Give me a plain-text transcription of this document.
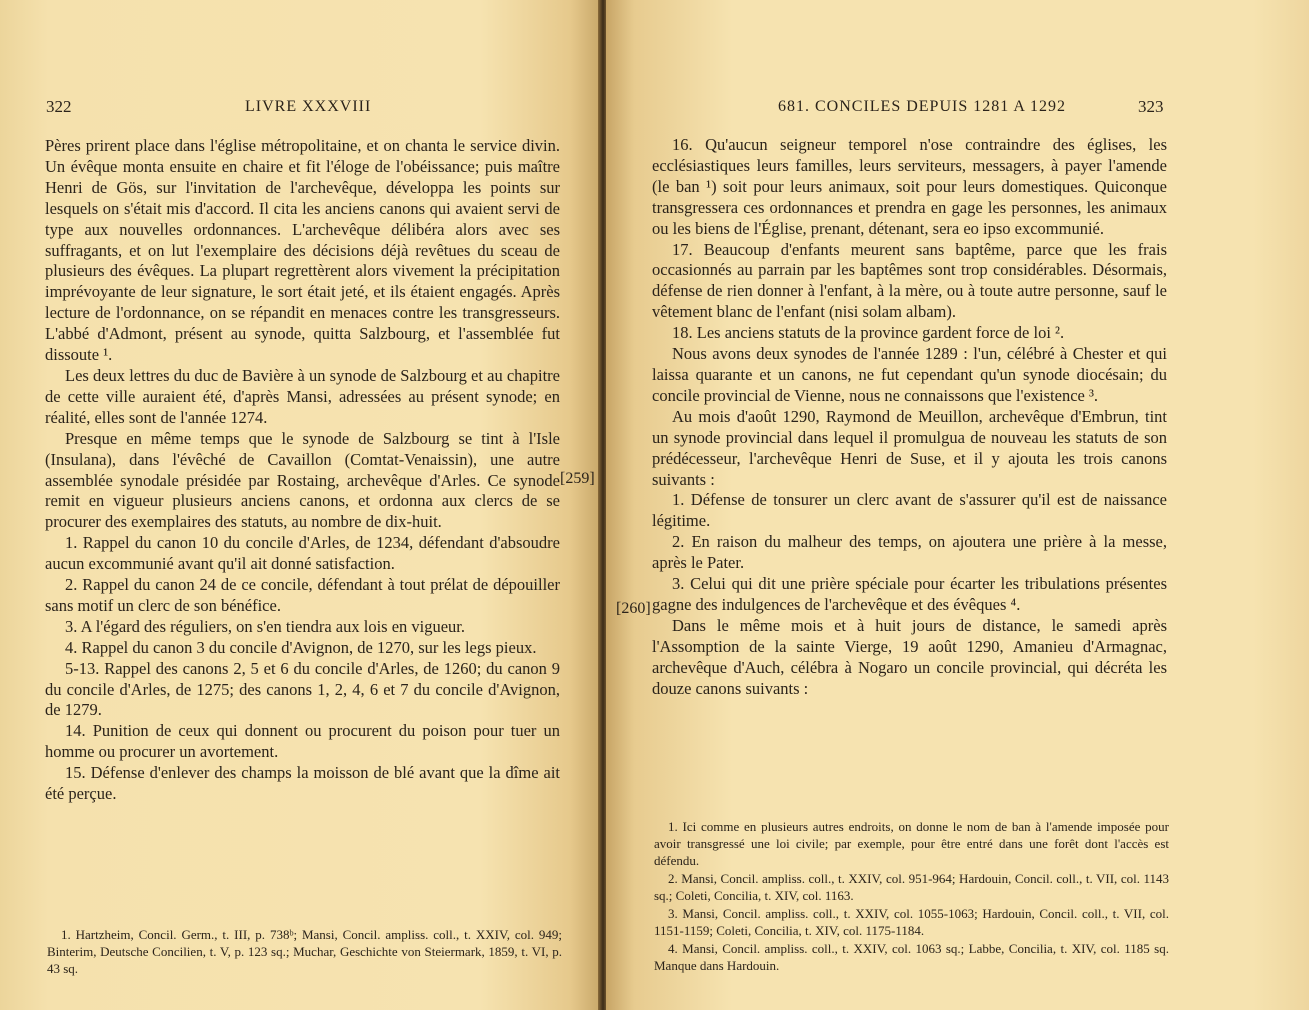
322	LIVRE XXXVIII

Pères prirent place dans l'église métropolitaine, et on chanta le service divin. Un évêque monta ensuite en chaire et fit l'éloge de l'obéissance; puis maître Henri de Gös, sur l'invitation de l'archevêque, développa les points sur lesquels on s'était mis d'accord. Il cita les anciens canons qui avaient servi de type aux nouvelles ordonnances. L'archevêque délibéra alors avec ses suffragants, et on lut l'exemplaire des décisions déjà revêtues du sceau de plusieurs des évêques. La plupart regrettèrent alors vivement la précipitation imprévoyante de leur signature, le sort était jeté, et ils étaient engagés. Après lecture de l'ordonnance, on se répandit en menaces contre les transgresseurs. L'abbé d'Admont, présent au synode, quitta Salzbourg, et l'assemblée fut dissoute ¹.

Les deux lettres du duc de Bavière à un synode de Salzbourg et au chapitre de cette ville auraient été, d'après Mansi, adressées au présent synode; en réalité, elles sont de l'année 1274.

Presque en même temps que le synode de Salzbourg se tint à l'Isle (Insulana), dans l'évêché de Cavaillon (Comtat-Venaissin), une autre assemblée synodale présidée par Rostaing, archevêque d'Arles. Ce synode remit en vigueur plusieurs anciens canons, et ordonna aux clercs de se procurer des exemplaires des statuts, au nombre de dix-huit.

1. Rappel du canon 10 du concile d'Arles, de 1234, défendant d'absoudre aucun excommunié avant qu'il ait donné satisfaction.

2. Rappel du canon 24 de ce concile, défendant à tout prélat de dépouiller sans motif un clerc de son bénéfice.

3. A l'égard des réguliers, on s'en tiendra aux lois en vigueur.

4. Rappel du canon 3 du concile d'Avignon, de 1270, sur les legs pieux.

5-13. Rappel des canons 2, 5 et 6 du concile d'Arles, de 1260; du canon 9 du concile d'Arles, de 1275; des canons 1, 2, 4, 6 et 7 du concile d'Avignon, de 1279.

14. Punition de ceux qui donnent ou procurent du poison pour tuer un homme ou procurer un avortement.

15. Défense d'enlever des champs la moisson de blé avant que la dîme ait été perçue.

[259]

1. Hartzheim, Concil. Germ., t. III, p. 738ᵇ; Mansi, Concil. ampliss. coll., t. XXIV, col. 949; Binterim, Deutsche Concilien, t. V, p. 123 sq.; Muchar, Geschichte von Steiermark, 1859, t. VI, p. 43 sq.

681. CONCILES DEPUIS 1281 A 1292	323

16. Qu'aucun seigneur temporel n'ose contraindre des églises, les ecclésiastiques leurs familles, leurs serviteurs, messagers, à payer l'amende (le ban ¹) soit pour leurs animaux, soit pour leurs domestiques. Quiconque transgressera ces ordonnances et prendra en gage les personnes, les animaux ou les biens de l'Église, prenant, détenant, sera eo ipso excommunié.

17. Beaucoup d'enfants meurent sans baptême, parce que les frais occasionnés au parrain par les baptêmes sont trop considérables. Désormais, défense de rien donner à l'enfant, à la mère, ou à toute autre personne, sauf le vêtement blanc de l'enfant (nisi solam albam).

18. Les anciens statuts de la province gardent force de loi ².

Nous avons deux synodes de l'année 1289 : l'un, célébré à Chester et qui laissa quarante et un canons, ne fut cependant qu'un synode diocésain; du concile provincial de Vienne, nous ne connaissons que l'existence ³.

Au mois d'août 1290, Raymond de Meuillon, archevêque d'Embrun, tint un synode provincial dans lequel il promulgua de nouveau les statuts de son prédécesseur, l'archevêque Henri de Suse, et il y ajouta les trois canons suivants :

1. Défense de tonsurer un clerc avant de s'assurer qu'il est de naissance légitime.

2. En raison du malheur des temps, on ajoutera une prière à la messe, après le Pater.

3. Celui qui dit une prière spéciale pour écarter les tribulations présentes gagne des indulgences de l'archevêque et des évêques ⁴.

Dans le même mois et à huit jours de distance, le samedi après l'Assomption de la sainte Vierge, 19 août 1290, Amanieu d'Armagnac, archevêque d'Auch, célébra à Nogaro un concile provincial, qui décréta les douze canons suivants :

[260]

1. Ici comme en plusieurs autres endroits, on donne le nom de ban à l'amende imposée pour avoir transgressé une loi civile; par exemple, pour être entré dans une forêt dont l'accès est défendu.

2. Mansi, Concil. ampliss. coll., t. XXIV, col. 951-964; Hardouin, Concil. coll., t. VII, col. 1143 sq.; Coleti, Concilia, t. XIV, col. 1163.

3. Mansi, Concil. ampliss. coll., t. XXIV, col. 1055-1063; Hardouin, Concil. coll., t. VII, col. 1151-1159; Coleti, Concilia, t. XIV, col. 1175-1184.

4. Mansi, Concil. ampliss. coll., t. XXIV, col. 1063 sq.; Labbe, Concilia, t. XIV, col. 1185 sq. Manque dans Hardouin.
